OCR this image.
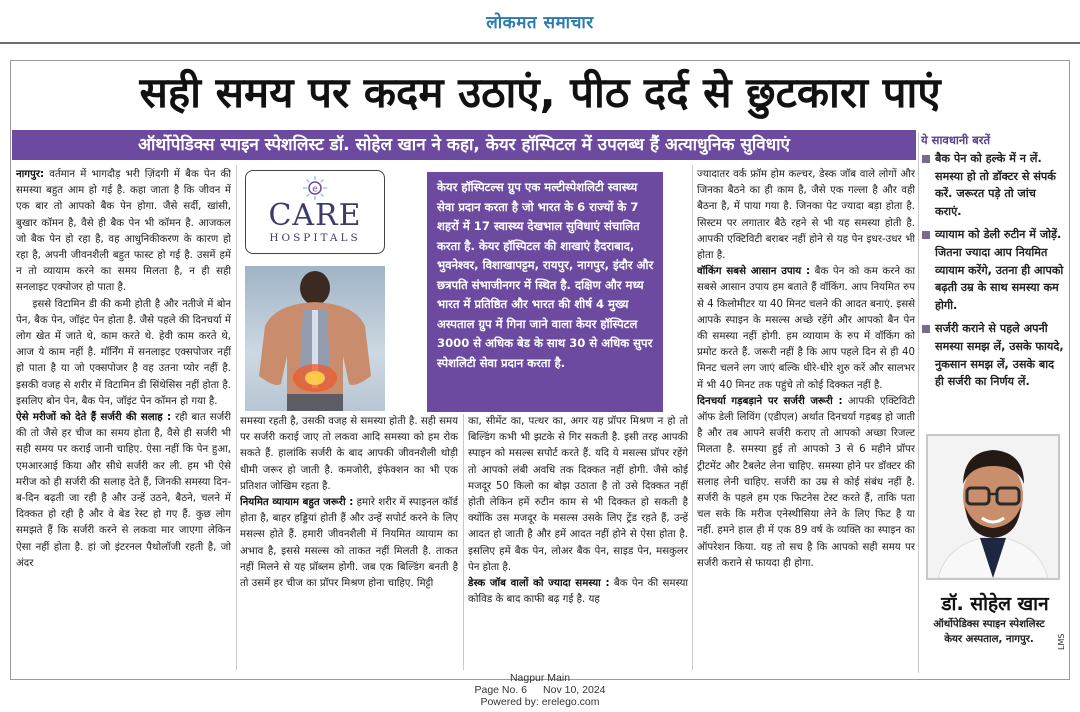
लोकमत समाचार
सही समय पर कदम उठाएं, पीठ दर्द से छुटकारा पाएं
ऑर्थोपेडिक्स स्पाइन स्पेशलिस्ट डॉ. सोहेल खान ने कहा, केयर हॉस्पिटल में उपलब्ध हैं अत्याधुनिक सुविधाएं

नागपुर: वर्तमान में भागदौड़ भरी ज़िंदगी में बैक पेन की समस्या बहुत आम हो गई है. कहा जाता है कि जीवन में एक बार तो आपको बैक पेन होगा. जैसे सर्दी, खांसी, बुखार कॉमन है, वैसे ही बैक पेन भी कॉमन है. आजकल जो बैक पेन हो रहा है, वह आधुनिकीकरण के कारण हो रहा है, अपनी जीवनशैली बहुत फास्ट हो गई है. उसमें हमें न तो व्यायाम करने का समय मिलता है, न ही सही सनलाइट एक्पोजर हो पाता है.

इससे विटामिन डी की कमी होती है और नतीजे में बोन पेन, बैक पेन, जॉइंट पेन होता है. जैसे पहले की दिनचर्या में लोग खेत में जाते थे, काम करते थे. हेवी काम करते थे, आज ये काम नहीं है. मॉर्निंग में सनलाइट एक्सपोजर नहीं हो पाता है या जो एक्सपोजर है वह उतना प्योर नहीं है. इसकी वजह से शरीर में विटामिन डी सिंथेसिस नहीं होता है. इसलिए बोन पेन, बैक पेन, जॉइंट पेन कॉमन हो गया है.

ऐसे मरीजों को देते हैं सर्जरी की सलाह : रही बात सर्जरी की तो जैसे हर चीज का समय होता है, वैसे ही सर्जरी भी सही समय पर कराई जानी चाहिए. ऐसा नहीं कि पेन हुआ, एमआरआई किया और सीधे सर्जरी कर ली. हम भी ऐसे मरीज को ही सर्जरी की सलाह देते हैं, जिनकी समस्या दिन-ब-दिन बढ़ती जा रही है और उन्हें उठने, बैठने, चलने में दिक्कत हो रही है और वे बेड रेस्ट हो गए हैं. कुछ लोग समझते हैं कि सर्जरी करने से लकवा मार जाएगा लेकिन ऐसा नहीं होता है. हां जो इंटरनल पैथोलॉजी रहती है, जो अंदर

e
CARE
HOSPITALS
केयर हॉस्पिटल्स ग्रुप एक मल्टीस्पेशलिटी स्वास्थ्य सेवा प्रदान करता है जो भारत के 6 राज्यों के 7 शहरों में 17 स्वास्थ्य देखभाल सुविधाएं संचालित करता है. केयर हॉस्पिटल की शाखाएं हैदराबाद, भुवनेश्वर, विशाखापट्टम, रायपुर, नागपुर, इंदौर और छत्रपति संभाजीनगर में स्थित है. दक्षिण और मध्य भारत में प्रतिष्ठित और भारत की शीर्ष 4 मुख्य अस्पताल ग्रुप में गिना जाने वाला केयर हॉस्पिटल 3000 से अधिक बेड के साथ 30 से अधिक सुपर स्पेशलिटी सेवा प्रदान करता है.

समस्या रहती है, उसकी वजह से समस्या होती है. सही समय पर सर्जरी कराई जाए तो लकवा आदि समस्या को हम रोक सकते हैं. हालांकि सर्जरी के बाद आपकी जीवनशैली थोड़ी धीमी जरूर हो जाती है. कमजोरी, इंफेक्शन का भी एक प्रतिशत जोखिम रहता है.

नियमित व्यायाम बहुत जरूरी : हमारे शरीर में स्पाइनल कॉर्ड होता है, बाहर हड्डियां होती हैं और उन्हें सपोर्ट करने के लिए मसल्स होते हैं. हमारी जीवनशैली में नियमित व्यायाम का अभाव है, इससे मसल्स को ताकत नहीं मिलती है. ताकत नहीं मिलने से यह प्रॉब्लम होगी. जब एक बिल्डिंग बनती है तो उसमें हर चीज का प्रॉपर मिश्रण होना चाहिए. मिट्टी

का, सीमेंट का, पत्थर का, अगर यह प्रॉपर मिश्रण न हो तो बिल्डिंग कभी भी झटके से गिर सकती है. इसी तरह आपकी स्पाइन को मसल्स सपोर्ट करते हैं. यदि ये मसल्स प्रॉपर रहेंगे तो आपको लंबी अवधि तक दिक्कत नहीं होगी. जैसे कोई मजदूर 50 किलो का बोझ उठाता है तो उसे दिक्कत नहीं होती लेकिन हमें रुटीन काम से भी दिक्कत हो सकती है क्योंकि उस मजदूर के मसल्स उसके लिए ट्रेंड रहते हैं, उन्हें आदत हो जाती है और हमें आदत नहीं होने से ऐसा होता है. इसलिए हमें बैक पेन, लोअर बैक पेन, साइड पेन, मसकुलर पेन होता है.

डेस्क जॉब वालों को ज्यादा समस्या : बैक पेन की समस्या कोविड के बाद काफी बढ़ गई है. यह

ज्यादातर वर्क फ्रॉम होम कल्चर, डेस्क जॉब वाले लोगों और जिनका बैठने का ही काम है, जैसे एक गल्ला है और वही बैठना है, में पाया गया है. जिनका पेट ज्यादा बड़ा होता है. सिस्टम पर लगातार बैठे रहने से भी यह समस्या होती है. आपकी एक्टिविटी बराबर नहीं होने से यह पेन इधर-उधर भी होता है.

वॉकिंग सबसे आसान उपाय : बैक पेन को कम करने का सबसे आसान उपाय हम बताते हैं वॉकिंग. आप नियमित रुप से 4 किलोमीटर या 40 मिनट चलने की आदत बनाएं. इससे आपके स्पाइन के मसल्स अच्छे रहेंगे और आपको बैन पेन की समस्या नहीं होगी. हम व्यायाम के रुप में वॉकिंग को प्रमोट करते हैं. जरूरी नहीं है कि आप पहले दिन से ही 40 मिनट चलने लग जाएं बल्कि धीरे-धीरे शुरु करें और सालभर में भी 40 मिनट तक पहुंचे तो कोई दिक्कत नहीं है.

दिनचर्या गड़बड़ाने पर सर्जरी जरूरी : आपकी एक्टिविटी ऑफ डेली लिविंग (एडीएल) अर्थात दिनचर्या गड़बड़ हो जाती है और तब आपने सर्जरी कराए तो आपको अच्छा रिजल्ट मिलता है. समस्या हुई तो आपको 3 से 6 महीने प्रॉपर ट्रीटमेंट और टैबलेट लेना चाहिए. समस्या होने पर डॉक्टर की सलाह लेनी चाहिए. सर्जरी का उम्र से कोई संबंध नहीं है. सर्जरी के पहले हम एक फिटनेस टेस्ट करते हैं, ताकि पता चल सके कि मरीज एनेस्थीसिया लेने के लिए फिट है या नहीं. हमने हाल ही में एक 89 वर्ष के व्यक्ति का स्पाइन का ऑपरेशन किया. यह तो सच है कि आपको सही समय पर सर्जरी कराने से फायदा ही होगा.

ये सावधानी बरतें
बैक पेन को हल्के में न लें. समस्या हो तो डॉक्टर से संपर्क करें. जरूरत पड़े तो जांच कराएं.
व्यायाम को डेली रुटीन में जोड़ें. जितना ज्यादा आप नियमित व्यायाम करेंगे, उतना ही आपको बढ़ती उम्र के साथ समस्या कम होगी.
सर्जरी कराने से पहले अपनी समस्या समझ लें, उसके फायदे, नुकसान समझ लें, उसके बाद ही सर्जरी का निर्णय लें.
डॉ. सोहेल खान
ऑर्थोपेडिक्स स्पाइन स्पेशलिस्ट
केयर अस्पताल, नागपुर.	LMS
Nagpur Main
Page No. 6 Nov 10, 2024
Powered by: erelego.com
